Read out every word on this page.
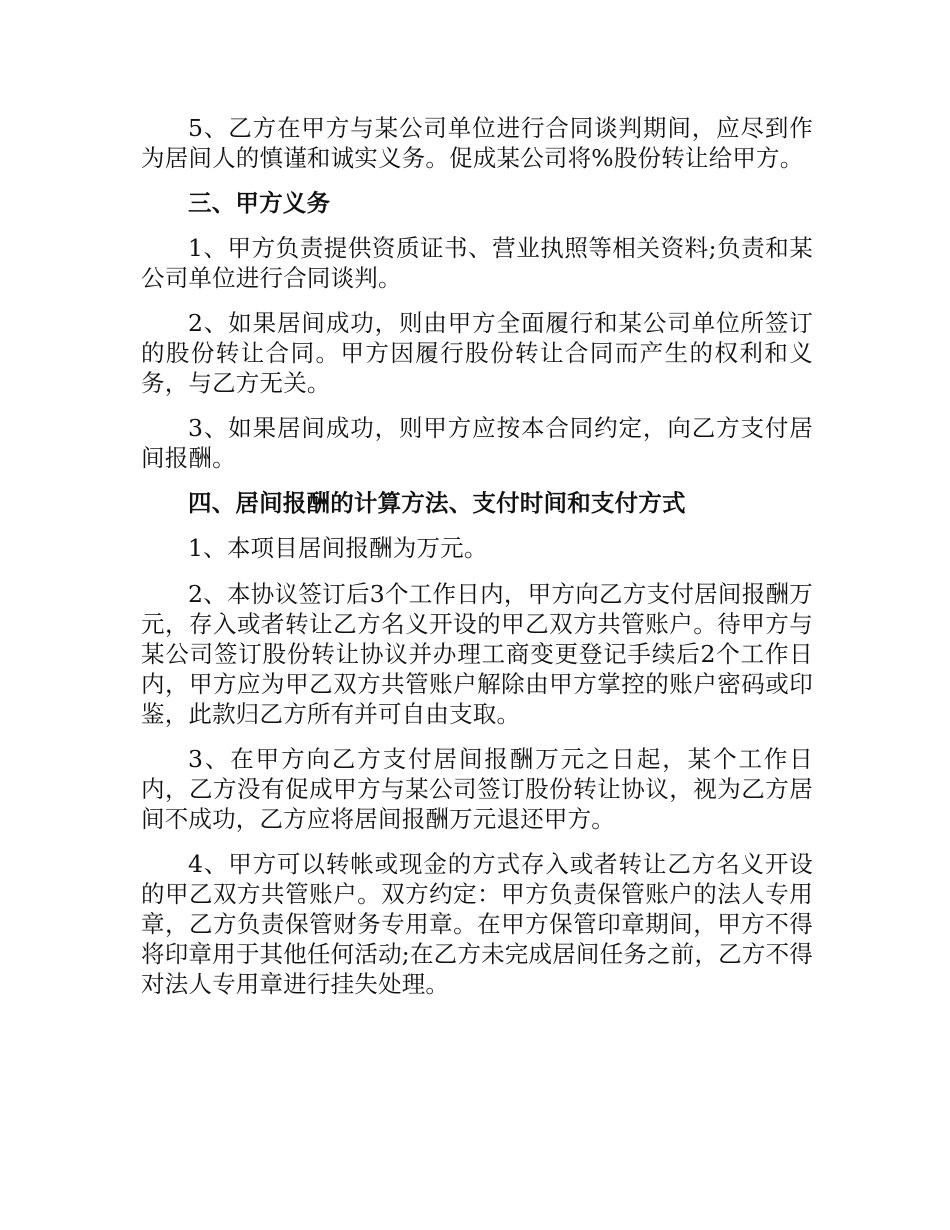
5、乙方在甲方与某公司单位进行合同谈判期间，应尽到作为居间人的慎谨和诚实义务。促成某公司将%股份转让给甲方。

三、甲方义务

1、甲方负责提供资质证书、营业执照等相关资料;负责和某公司单位进行合同谈判。

2、如果居间成功，则由甲方全面履行和某公司单位所签订的股份转让合同。甲方因履行股份转让合同而产生的权利和义务，与乙方无关。

3、如果居间成功，则甲方应按本合同约定，向乙方支付居间报酬。

四、居间报酬的计算方法、支付时间和支付方式

1、本项目居间报酬为万元。

2、本协议签订后3个工作日内，甲方向乙方支付居间报酬万元，存入或者转让乙方名义开设的甲乙双方共管账户。待甲方与某公司签订股份转让协议并办理工商变更登记手续后2个工作日内，甲方应为甲乙双方共管账户解除由甲方掌控的账户密码或印鉴，此款归乙方所有并可自由支取。

3、在甲方向乙方支付居间报酬万元之日起，某个工作日内，乙方没有促成甲方与某公司签订股份转让协议，视为乙方居间不成功，乙方应将居间报酬万元退还甲方。

4、甲方可以转帐或现金的方式存入或者转让乙方名义开设的甲乙双方共管账户。双方约定：甲方负责保管账户的法人专用章，乙方负责保管财务专用章。在甲方保管印章期间，甲方不得将印章用于其他任何活动;在乙方未完成居间任务之前，乙方不得对法人专用章进行挂失处理。
